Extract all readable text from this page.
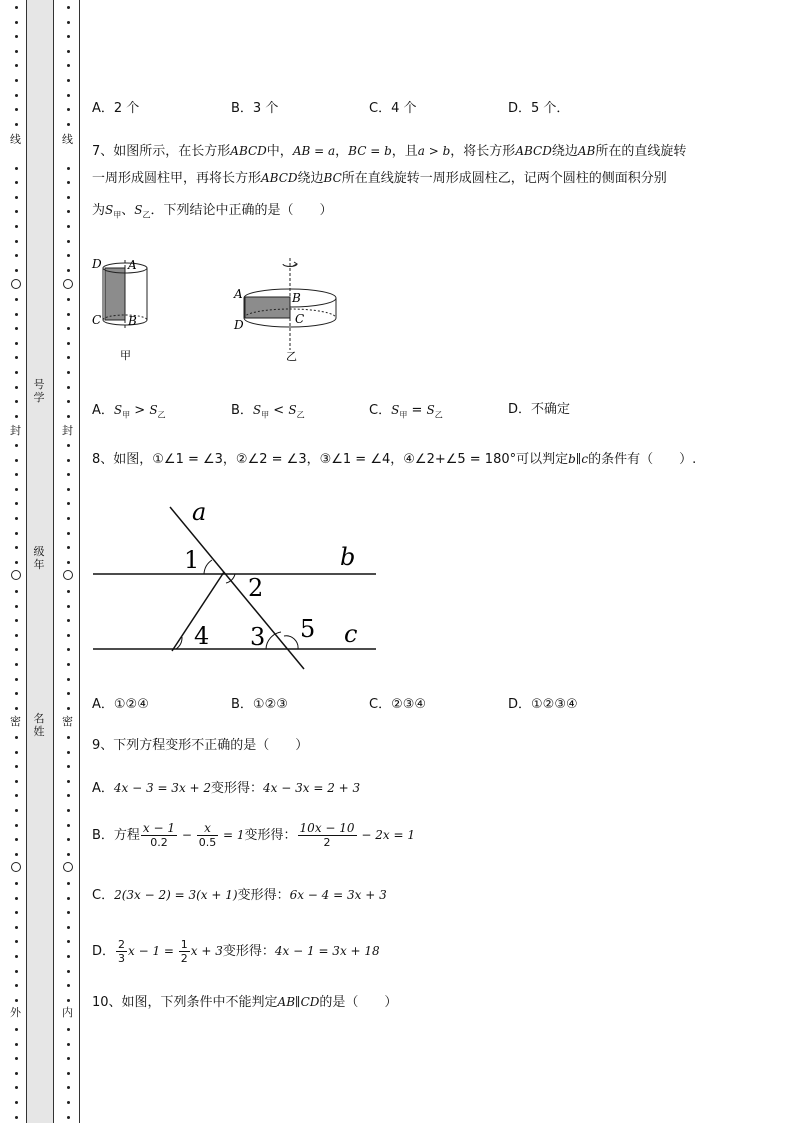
线
封
密
外
线
封
密
内
号学
级年
名姓
A．2 个	B．3 个	C．4 个	D．5 个．
7、如图所示，在长方形ABCD中，AB = a，BC = b，且a > b，将长方形ABCD绕边AB所在的直线旋转
一周形成圆柱甲，再将长方形ABCD绕边BC所在直线旋转一周形成圆柱乙，记两个圆柱的侧面积分别
为$S_甲$、$S_乙$．下列结论中正确的是（　　）
D A
C B
甲
A	B
D	C
乙
A．$S_甲 > S_乙$	B．$S_甲 < S_乙$	C．$S_甲 = S_乙$	D．不确定
8、如图，①∠1 = ∠3，②∠2 = ∠3，③∠1 = ∠4，④∠2+∠5 = 180°可以判定b∥c的条件有（　　）.
a
b
c
1
2
3
4	5
A．①②④	B．①②③	C．②③④	D．①②③④
9、下列方程变形不正确的是（　　）
A．4x − 3 = 3x + 2变形得：4x − 3x = 2 + 3
B．方程 $\frac{x - 1}{0.2} - \frac{x}{0.5} = 1$变形得： $\frac{10x - 10}{2} - 2x = 1$
C．2(3x − 2) = 3(x + 1)变形得：6x − 4 = 3x + 3
D． $\frac{2}{3}$ $x - 1 = \frac{1}{2}$ x + 3变形得：4x − 1 = 3x + 18
10、如图，下列条件中不能判定AB∥CD的是（　　）
